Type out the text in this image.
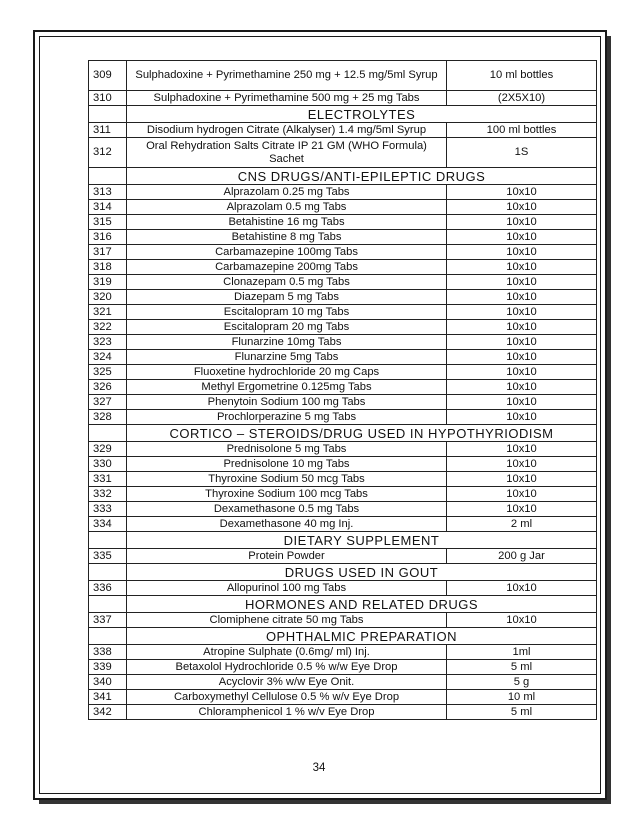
309	Sulphadoxine + Pyrimethamine 250 mg + 12.5 mg/5ml Syrup	10 ml bottles
310	Sulphadoxine + Pyrimethamine 500 mg + 25 mg Tabs	(2X5X10)
	ELECTROLYTES	
311	Disodium hydrogen Citrate (Alkalyser) 1.4 mg/5ml Syrup	100 ml bottles
312	Oral Rehydration Salts Citrate IP 21 GM (WHO Formula) Sachet	1S
	CNS DRUGS/ANTI-EPILEPTIC DRUGS	
313	Alprazolam 0.25 mg Tabs	10x10
314	Alprazolam 0.5 mg Tabs	10x10
315	Betahistine 16 mg Tabs	10x10
316	Betahistine 8 mg Tabs	10x10
317	Carbamazepine 100mg Tabs	10x10
318	Carbamazepine 200mg Tabs	10x10
319	Clonazepam 0.5 mg Tabs	10x10
320	Diazepam 5 mg Tabs	10x10
321	Escitalopram 10 mg Tabs	10x10
322	Escitalopram 20 mg Tabs	10x10
323	Flunarzine 10mg Tabs	10x10
324	Flunarzine 5mg Tabs	10x10
325	Fluoxetine hydrochloride 20 mg Caps	10x10
326	Methyl Ergometrine 0.125mg Tabs	10x10
327	Phenytoin Sodium 100 mg Tabs	10x10
328	Prochlorperazine 5 mg Tabs	10x10
	CORTICO – STEROIDS/DRUG USED IN HYPOTHYRIODISM	
329	Prednisolone 5 mg Tabs	10x10
330	Prednisolone 10 mg Tabs	10x10
331	Thyroxine Sodium 50 mcg Tabs	10x10
332	Thyroxine Sodium 100 mcg Tabs	10x10
333	Dexamethasone 0.5 mg Tabs	10x10
334	Dexamethasone 40 mg Inj.	2 ml
	DIETARY SUPPLEMENT	
335	Protein Powder	200 g Jar
	DRUGS USED IN GOUT	
336	Allopurinol 100 mg Tabs	10x10
	HORMONES AND RELATED DRUGS	
337	Clomiphene citrate 50 mg Tabs	10x10
	OPHTHALMIC PREPARATION	
338	Atropine Sulphate (0.6mg/ ml) Inj.	1ml
339	Betaxolol Hydrochloride 0.5 % w/w Eye Drop	5 ml
340	Acyclovir 3% w/w Eye Onit.	5 g
341	Carboxymethyl Cellulose 0.5 % w/v Eye Drop	10 ml
342	Chloramphenicol 1 % w/v Eye Drop	5 ml
34
